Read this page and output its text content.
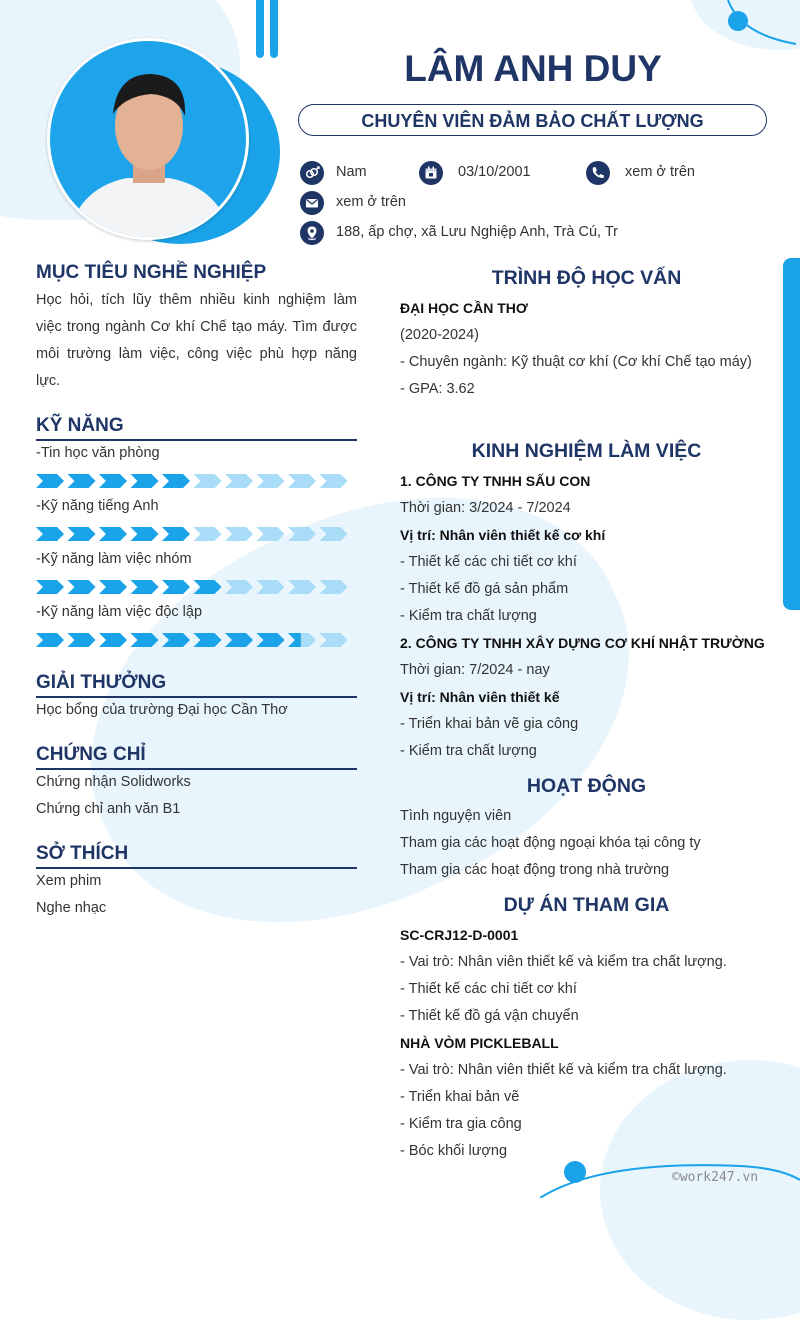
LÂM ANH DUY
CHUYÊN VIÊN ĐẢM BẢO CHẤT LƯỢNG
Nam	03/10/2001	xem ở trên
xem ở trên
188, ấp chợ, xã Lưu Nghiệp Anh, Trà Cú, Tr
MỤC TIÊU NGHỀ NGHIỆP
Học hỏi, tích lũy thêm nhiều kinh nghiệm làm
việc trong ngành Cơ khí Chế tạo máy. Tìm được
môi trường làm việc, công việc phù hợp năng
lực.
KỸ NĂNG
-Tin học văn phòng
-Kỹ năng tiếng Anh
-Kỹ năng làm việc nhóm
-Kỹ năng làm việc độc lập
GIẢI THƯỞNG
Học bổng của trường Đại học Cần Thơ
CHỨNG CHỈ
Chứng nhận Solidworks
Chứng chỉ anh văn B1
SỞ THÍCH
Xem phim
Nghe nhạc
TRÌNH ĐỘ HỌC VẤN
ĐẠI HỌC CẦN THƠ
(2020-2024)
- Chuyên ngành: Kỹ thuật cơ khí (Cơ khí Chế tạo máy)
- GPA: 3.62
KINH NGHIỆM LÀM VIỆC
1. CÔNG TY TNHH SẤU CON
Thời gian: 3/2024 - 7/2024
Vị trí: Nhân viên thiết kế cơ khí
- Thiết kế các chi tiết cơ khí
- Thiết kế đồ gá sản phẩm
- Kiểm tra chất lượng
2. CÔNG TY TNHH XÂY DỰNG CƠ KHÍ NHẬT TRƯỜNG
Thời gian: 7/2024 - nay
Vị trí: Nhân viên thiết kế
- Triển khai bản vẽ gia công
- Kiểm tra chất lượng
HOẠT ĐỘNG
Tình nguyện viên
Tham gia các hoạt động ngoại khóa tại công ty
Tham gia các hoạt động trong nhà trường
DỰ ÁN THAM GIA
SC-CRJ12-D-0001
- Vai trò: Nhân viên thiết kế và kiểm tra chất lượng.
- Thiết kế các chi tiết cơ khí
- Thiết kế đồ gá vận chuyển
NHÀ VÒM PICKLEBALL
- Vai trò: Nhân viên thiết kế và kiểm tra chất lượng.
- Triển khai bản vẽ
- Kiểm tra gia công
- Bóc khối lượng
©work247.vn
